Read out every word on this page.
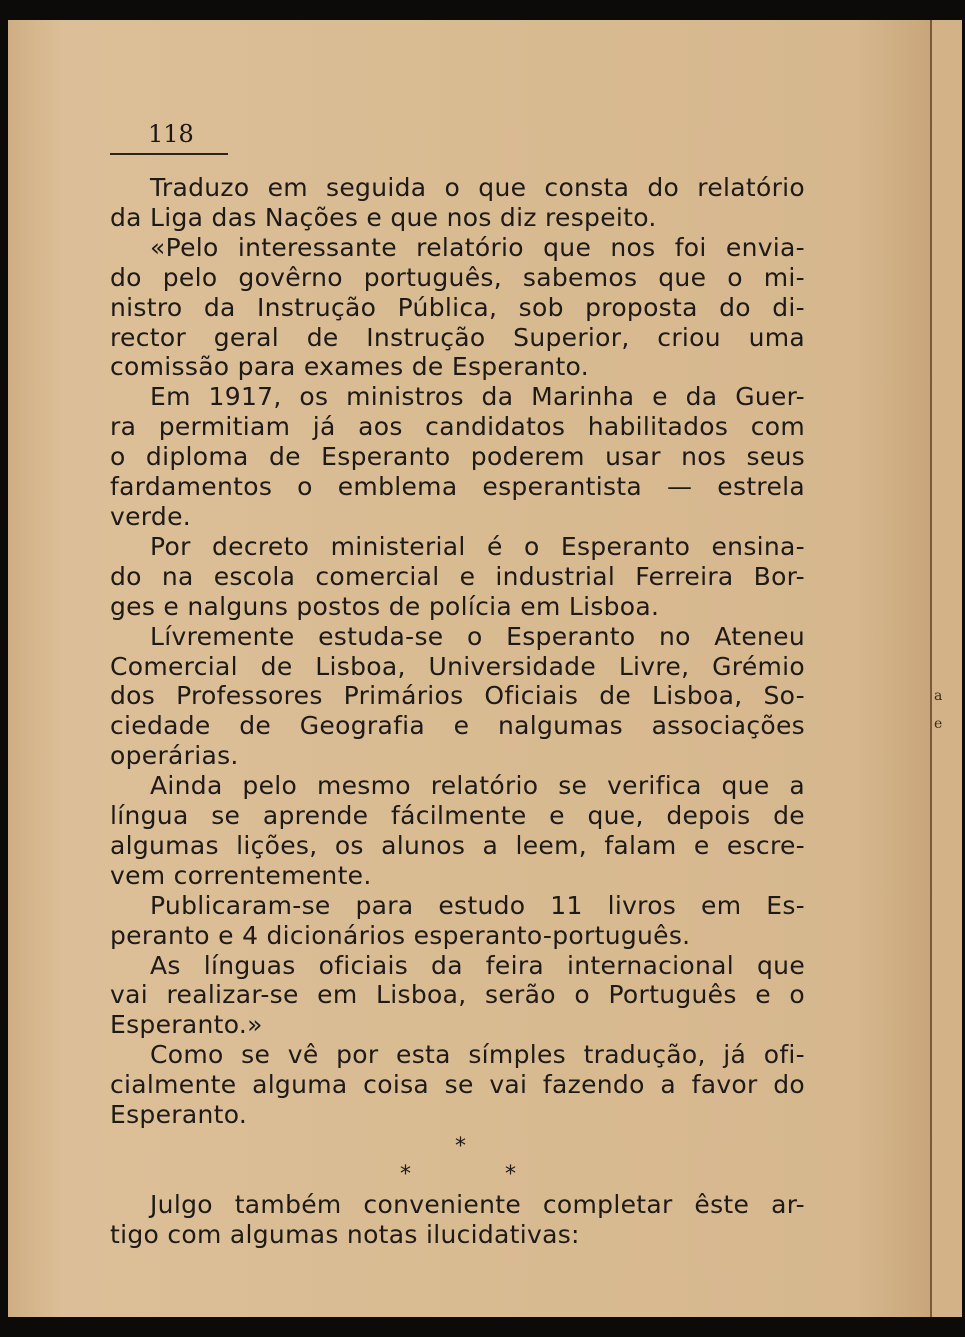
118
Traduzo em seguida o que consta do relatório
da Liga das Nações e que nos diz respeito.
«Pelo interessante relatório que nos foi envia-
do pelo govêrno português, sabemos que o mi-
nistro da Instrução Pública, sob proposta do di-
rector geral de Instrução Superior, criou uma
comissão para exames de Esperanto.
Em 1917, os ministros da Marinha e da Guer-
ra permitiam já aos candidatos habilitados com
o diploma de Esperanto poderem usar nos seus
fardamentos o emblema esperantista — estrela
verde.
Por decreto ministerial é o Esperanto ensina-
do na escola comercial e industrial Ferreira Bor-
ges e nalguns postos de polícia em Lisboa.
Lívremente estuda-se o Esperanto no Ateneu
Comercial de Lisboa, Universidade Livre, Grémio
dos Professores Primários Oficiais de Lisboa, So-
ciedade de Geografia e nalgumas associações
operárias.
Ainda pelo mesmo relatório se verifica que a
língua se aprende fácilmente e que, depois de
algumas lições, os alunos a leem, falam e escre-
vem correntemente.
Publicaram-se para estudo 11 livros em Es-
peranto e 4 dicionários esperanto-português.
As línguas oficiais da feira internacional que
vai realizar-se em Lisboa, serão o Português e o
Esperanto.»
Como se vê por esta símples tradução, já ofi-
cialmente alguma coisa se vai fazendo a favor do
Esperanto.
*
*	*
Julgo também conveniente completar êste ar-
tigo com algumas notas ilucidativas:
a
e
